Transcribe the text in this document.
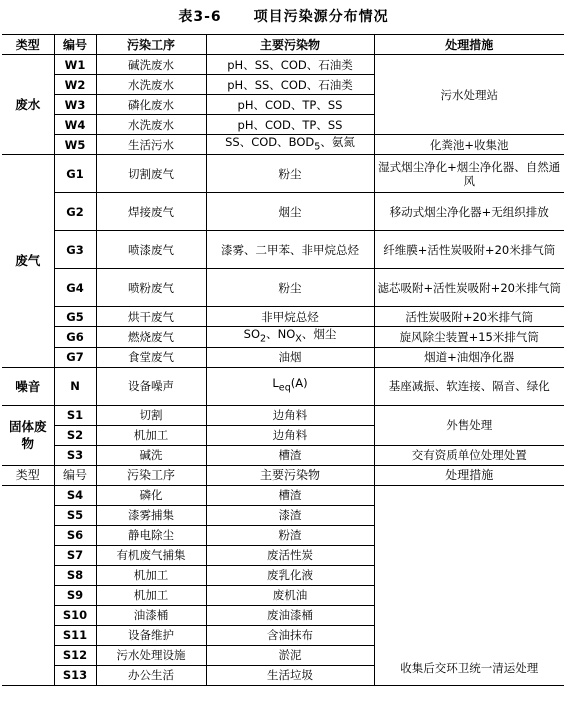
表3-6 项目污染源分布情况
类型	编号	污染工序	主要污染物	处理措施
废水	W1	碱洗废水	pH、SS、COD、石油类	污水处理站
	W2	水洗废水	pH、SS、COD、石油类	
	W3	磷化废水	pH、COD、TP、SS	
	W4	水洗废水	pH、COD、TP、SS	
	W5	生活污水	SS、COD、$BOD_5$、氨氮	化粪池+收集池
废气	G1	切割废气	粉尘	湿式烟尘净化+烟尘净化器、自然通风
	G2	焊接废气	烟尘	移动式烟尘净化器+无组织排放
	G3	喷漆废气	漆雾、二甲苯、非甲烷总烃	纤维膜+活性炭吸附+20米排气筒
	G4	喷粉废气	粉尘	滤芯吸附+活性炭吸附+20米排气筒
	G5	烘干废气	非甲烷总烃	活性炭吸附+20米排气筒
	G6	燃烧废气	$SO_2$、$NO_X$、烟尘	旋风除尘装置+15米排气筒
	G7	食堂废气	油烟	烟道+油烟净化器
噪音	N	设备噪声	$L_{eq}(A)$	基座减振、软连接、隔音、绿化
固体废物	S1	切割	边角料	外售处理
	S2	机加工	边角料	
	S3	碱洗	槽渣	交有资质单位处理处置
类型	编号	污染工序	主要污染物	处理措施
	S4	磷化	槽渣	收集后交环卫统一清运处理
	S5	漆雾捕集	漆渣	
	S6	静电除尘	粉渣	
	S7	有机废气捕集	废活性炭	
	S8	机加工	废乳化液	
	S9	机加工	废机油	
	S10	油漆桶	废油漆桶	
	S11	设备维护	含油抹布	
	S12	污水处理设施	淤泥	
	S13	办公生活	生活垃圾	
